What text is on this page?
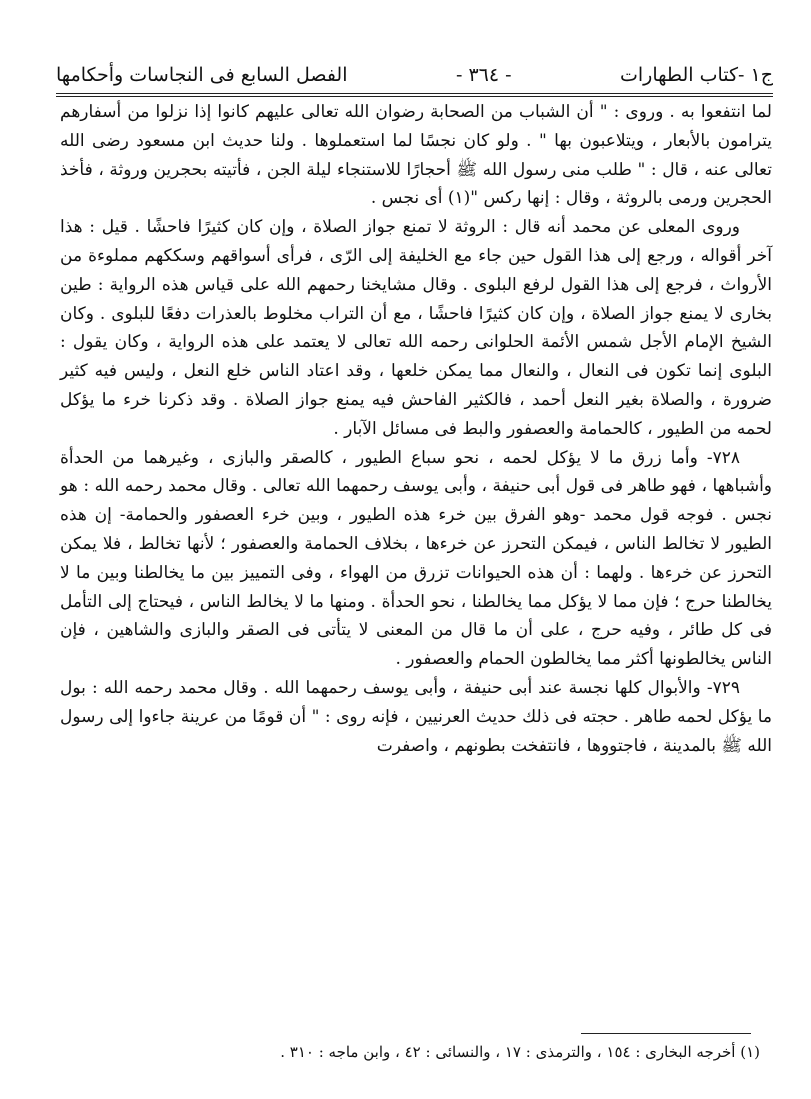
ج١ -كتاب الطهارات
- ٣٦٤ -
الفصل السابع فى النجاسات وأحكامها

لما انتفعوا به . وروى : " أن الشباب من الصحابة رضوان الله تعالى عليهم كانوا إذا نزلوا من أسفارهم يترامون بالأبعار ، ويتلاعبون بها " . ولو كان نجسًا لما استعملوها . ولنا حديث ابن مسعود رضى الله تعالى عنه ، قال : " طلب منى رسول الله ﷺ أحجارًا للاستنجاء ليلة الجن ، فأتيته بحجرين وروثة ، فأخذ الحجرين ورمى بالروثة ، وقال : إنها ركس "(١) أى نجس .

وروى المعلى عن محمد أنه قال : الروثة لا تمنع جواز الصلاة ، وإن كان كثيرًا فاحشًا . قيل : هذا آخر أقواله ، ورجع إلى هذا القول حين جاء مع الخليفة إلى الرّى ، فرأى أسواقهم وسككهم مملوءة من الأرواث ، فرجع إلى هذا القول لرفع البلوى . وقال مشايخنا رحمهم الله على قياس هذه الرواية : طين بخارى لا يمنع جواز الصلاة ، وإن كان كثيرًا فاحشًا ، مع أن التراب مخلوط بالعذرات دفعًا للبلوى . وكان الشيخ الإمام الأجل شمس الأئمة الحلوانى رحمه الله تعالى لا يعتمد على هذه الرواية ، وكان يقول : البلوى إنما تكون فى النعال ، والنعال مما يمكن خلعها ، وقد اعتاد الناس خلع النعل ، وليس فيه كثير ضرورة ، والصلاة بغير النعل أحمد ، فالكثير الفاحش فيه يمنع جواز الصلاة . وقد ذكرنا خرء ما يؤكل لحمه من الطيور ، كالحمامة والعصفور والبط فى مسائل الآبار .

٧٢٨- وأما زرق ما لا يؤكل لحمه ، نحو سباع الطيور ، كالصقر والبازى ، وغيرهما من الحدأة وأشباهها ، فهو طاهر فى قول أبى حنيفة ، وأبى يوسف رحمهما الله تعالى . وقال محمد رحمه الله : هو نجس . فوجه قول محمد -وهو الفرق بين خرء هذه الطيور ، وبين خرء العصفور والحمامة- إن هذه الطيور لا تخالط الناس ، فيمكن التحرز عن خرءها ، بخلاف الحمامة والعصفور ؛ لأنها تخالط ، فلا يمكن التحرز عن خرءها . ولهما : أن هذه الحيوانات تزرق من الهواء ، وفى التمييز بين ما يخالطنا وبين ما لا يخالطنا حرج ؛ فإن مما لا يؤكل مما يخالطنا ، نحو الحدأة . ومنها ما لا يخالط الناس ، فيحتاج إلى التأمل فى كل طائر ، وفيه حرج ، على أن ما قال من المعنى لا يتأتى فى الصقر والبازى والشاهين ، فإن الناس يخالطونها أكثر مما يخالطون الحمام والعصفور .

٧٢٩- والأبوال كلها نجسة عند أبى حنيفة ، وأبى يوسف رحمهما الله . وقال محمد رحمه الله : بول ما يؤكل لحمه طاهر . حجته فى ذلك حديث العرنيين ، فإنه روى : " أن قومًا من عرينة جاءوا إلى رسول الله ﷺ بالمدينة ، فاجتووها ، فانتفخت بطونهم ، واصفرت

(١) أخرجه البخارى : ١٥٤ ، والترمذى : ١٧ ، والنسائى : ٤٢ ، وابن ماجه : ٣١٠ .
